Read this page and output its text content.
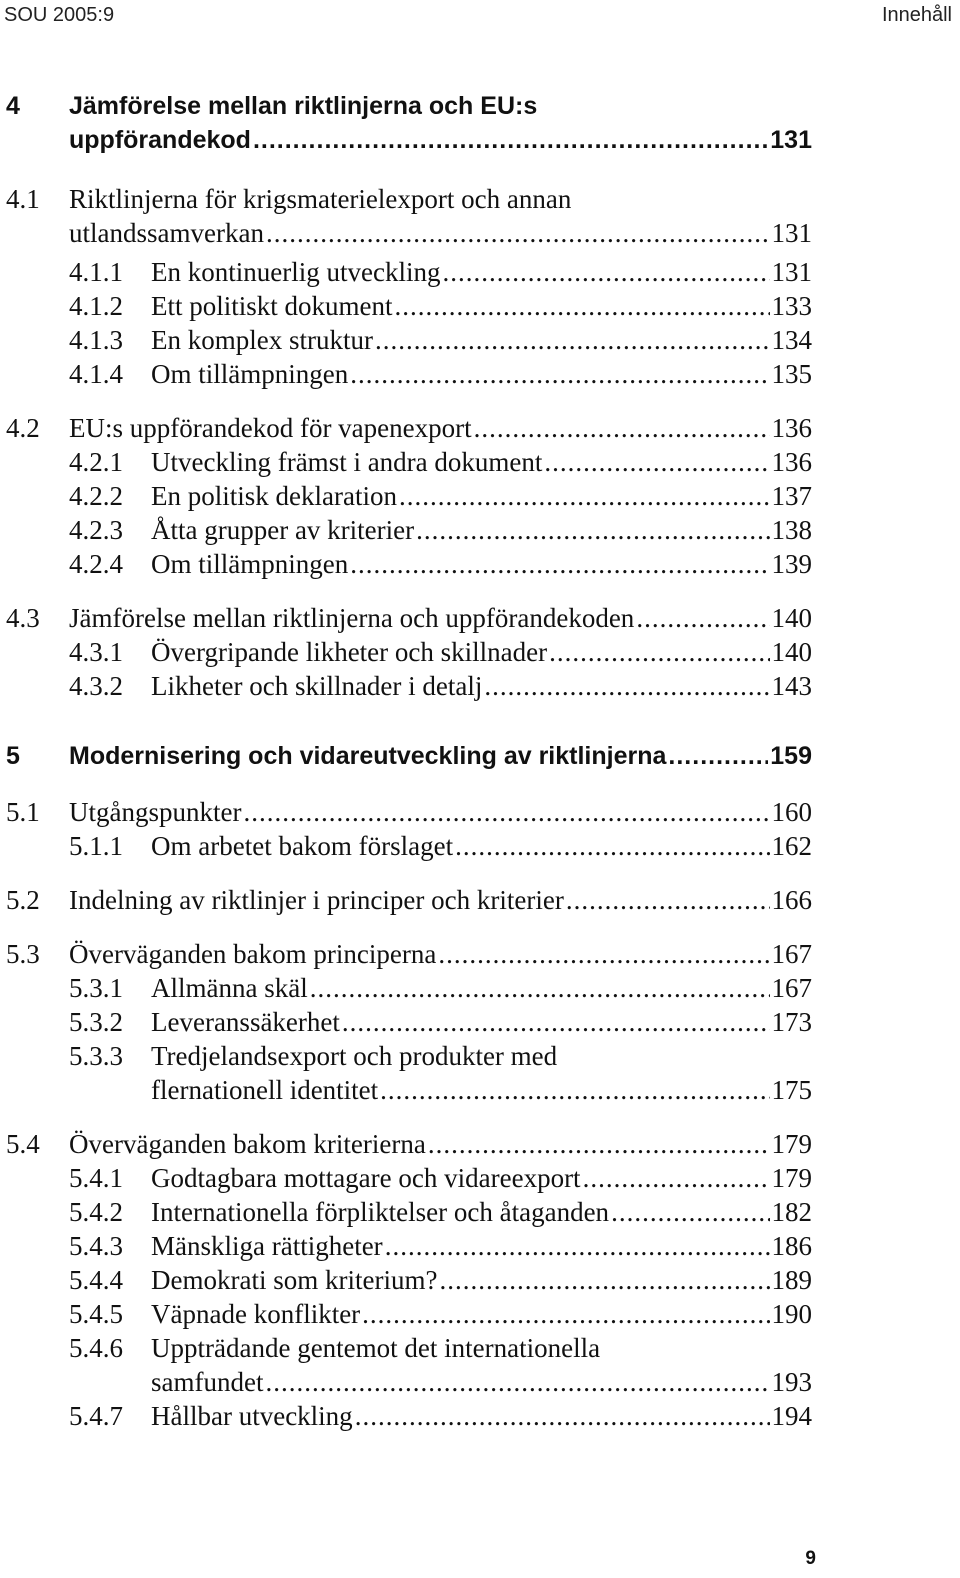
SOU 2005:9	Innehåll
4 Jämförelse mellan riktlinjerna och EU:s
uppförandekod .....	131
4.1 Riktlinjerna för krigsmaterielexport och annan
utlandssamverkan .....	131
4.1.1 En kontinuerlig utveckling .....	131
4.1.2 Ett politiskt dokument .....	133
4.1.3 En komplex struktur .....	134
4.1.4 Om tillämpningen .....	135
4.2 EU:s uppförandekod för vapenexport .....	136
4.2.1 Utveckling främst i andra dokument .....	136
4.2.2 En politisk deklaration .....	137
4.2.3 Åtta grupper av kriterier .....	138
4.2.4 Om tillämpningen .....	139
4.3 Jämförelse mellan riktlinjerna och uppförandekoden .....	140
4.3.1 Övergripande likheter och skillnader .....	140
4.3.2 Likheter och skillnader i detalj .....	143
5 Modernisering och vidareutveckling av riktlinjerna .....	159
5.1 Utgångspunkter .....	160
5.1.1 Om arbetet bakom förslaget .....	162
5.2 Indelning av riktlinjer i principer och kriterier .....	166
5.3 Överväganden bakom principerna .....	167
5.3.1 Allmänna skäl .....	167
5.3.2 Leveranssäkerhet .....	173
5.3.3 Tredjelandsexport och produkter med
flernationell identitet .....	175
5.4 Överväganden bakom kriterierna .....	179
5.4.1 Godtagbara mottagare och vidareexport .....	179
5.4.2 Internationella förpliktelser och åtaganden .....	182
5.4.3 Mänskliga rättigheter .....	186
5.4.4 Demokrati som kriterium? .....	189
5.4.5 Väpnade konflikter .....	190
5.4.6 Uppträdande gentemot det internationella
samfundet .....	193
5.4.7 Hållbar utveckling .....	194
9
